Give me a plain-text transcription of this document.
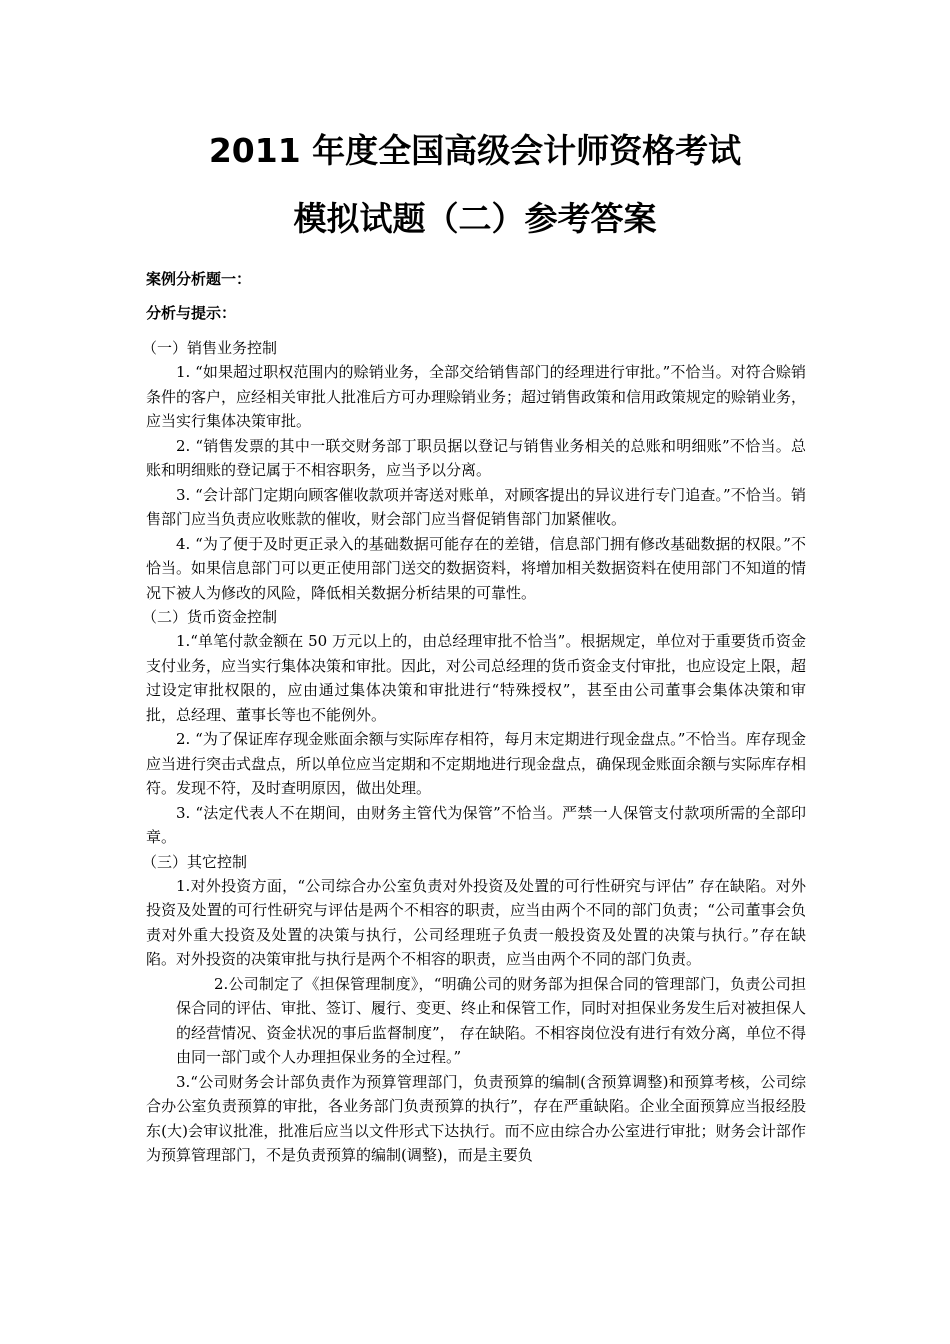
2011 年度全国高级会计师资格考试
模拟试题（二）参考答案
案例分析题一：
分析与提示：

（一）销售业务控制

1. “如果超过职权范围内的赊销业务，全部交给销售部门的经理进行审批。”不恰当。对符合赊销条件的客户，应经相关审批人批准后方可办理赊销业务；超过销售政策和信用政策规定的赊销业务，应当实行集体决策审批。

2. “销售发票的其中一联交财务部丁职员据以登记与销售业务相关的总账和明细账”不恰当。总账和明细账的登记属于不相容职务，应当予以分离。

3. “会计部门定期向顾客催收款项并寄送对账单，对顾客提出的异议进行专门追查。”不恰当。销售部门应当负责应收账款的催收，财会部门应当督促销售部门加紧催收。

4. “为了便于及时更正录入的基础数据可能存在的差错，信息部门拥有修改基础数据的权限。”不恰当。如果信息部门可以更正使用部门送交的数据资料，将增加相关数据资料在使用部门不知道的情况下被人为修改的风险，降低相关数据分析结果的可靠性。

（二）货币资金控制

1.“单笔付款金额在 50 万元以上的，由总经理审批不恰当”。根据规定，单位对于重要货币资金支付业务，应当实行集体决策和审批。因此，对公司总经理的货币资金支付审批，也应设定上限，超过设定审批权限的，应由通过集体决策和审批进行“特殊授权”，甚至由公司董事会集体决策和审批，总经理、董事长等也不能例外。

2. “为了保证库存现金账面余额与实际库存相符，每月末定期进行现金盘点。”不恰当。库存现金应当进行突击式盘点，所以单位应当定期和不定期地进行现金盘点，确保现金账面余额与实际库存相符。发现不符，及时查明原因，做出处理。

3. “法定代表人不在期间，由财务主管代为保管”不恰当。严禁一人保管支付款项所需的全部印章。

（三）其它控制

1.对外投资方面，“公司综合办公室负责对外投资及处置的可行性研究与评估” 存在缺陷。对外投资及处置的可行性研究与评估是两个不相容的职责，应当由两个不同的部门负责；“公司董事会负责对外重大投资及处置的决策与执行，公司经理班子负责一般投资及处置的决策与执行。”存在缺陷。对外投资的决策审批与执行是两个不相容的职责，应当由两个不同的部门负责。

2.公司制定了《担保管理制度》，“明确公司的财务部为担保合同的管理部门，负责公司担保合同的评估、审批、签订、履行、变更、终止和保管工作，同时对担保业务发生后对被担保人的经营情况、资金状况的事后监督制度”， 存在缺陷。不相容岗位没有进行有效分离，单位不得由同一部门或个人办理担保业务的全过程。”

3.“公司财务会计部负责作为预算管理部门，负责预算的编制(含预算调整)和预算考核，公司综合办公室负责预算的审批，各业务部门负责预算的执行”，存在严重缺陷。企业全面预算应当报经股东(大)会审议批准，批准后应当以文件形式下达执行。而不应由综合办公室进行审批；财务会计部作为预算管理部门，不是负责预算的编制(调整)，而是主要负
